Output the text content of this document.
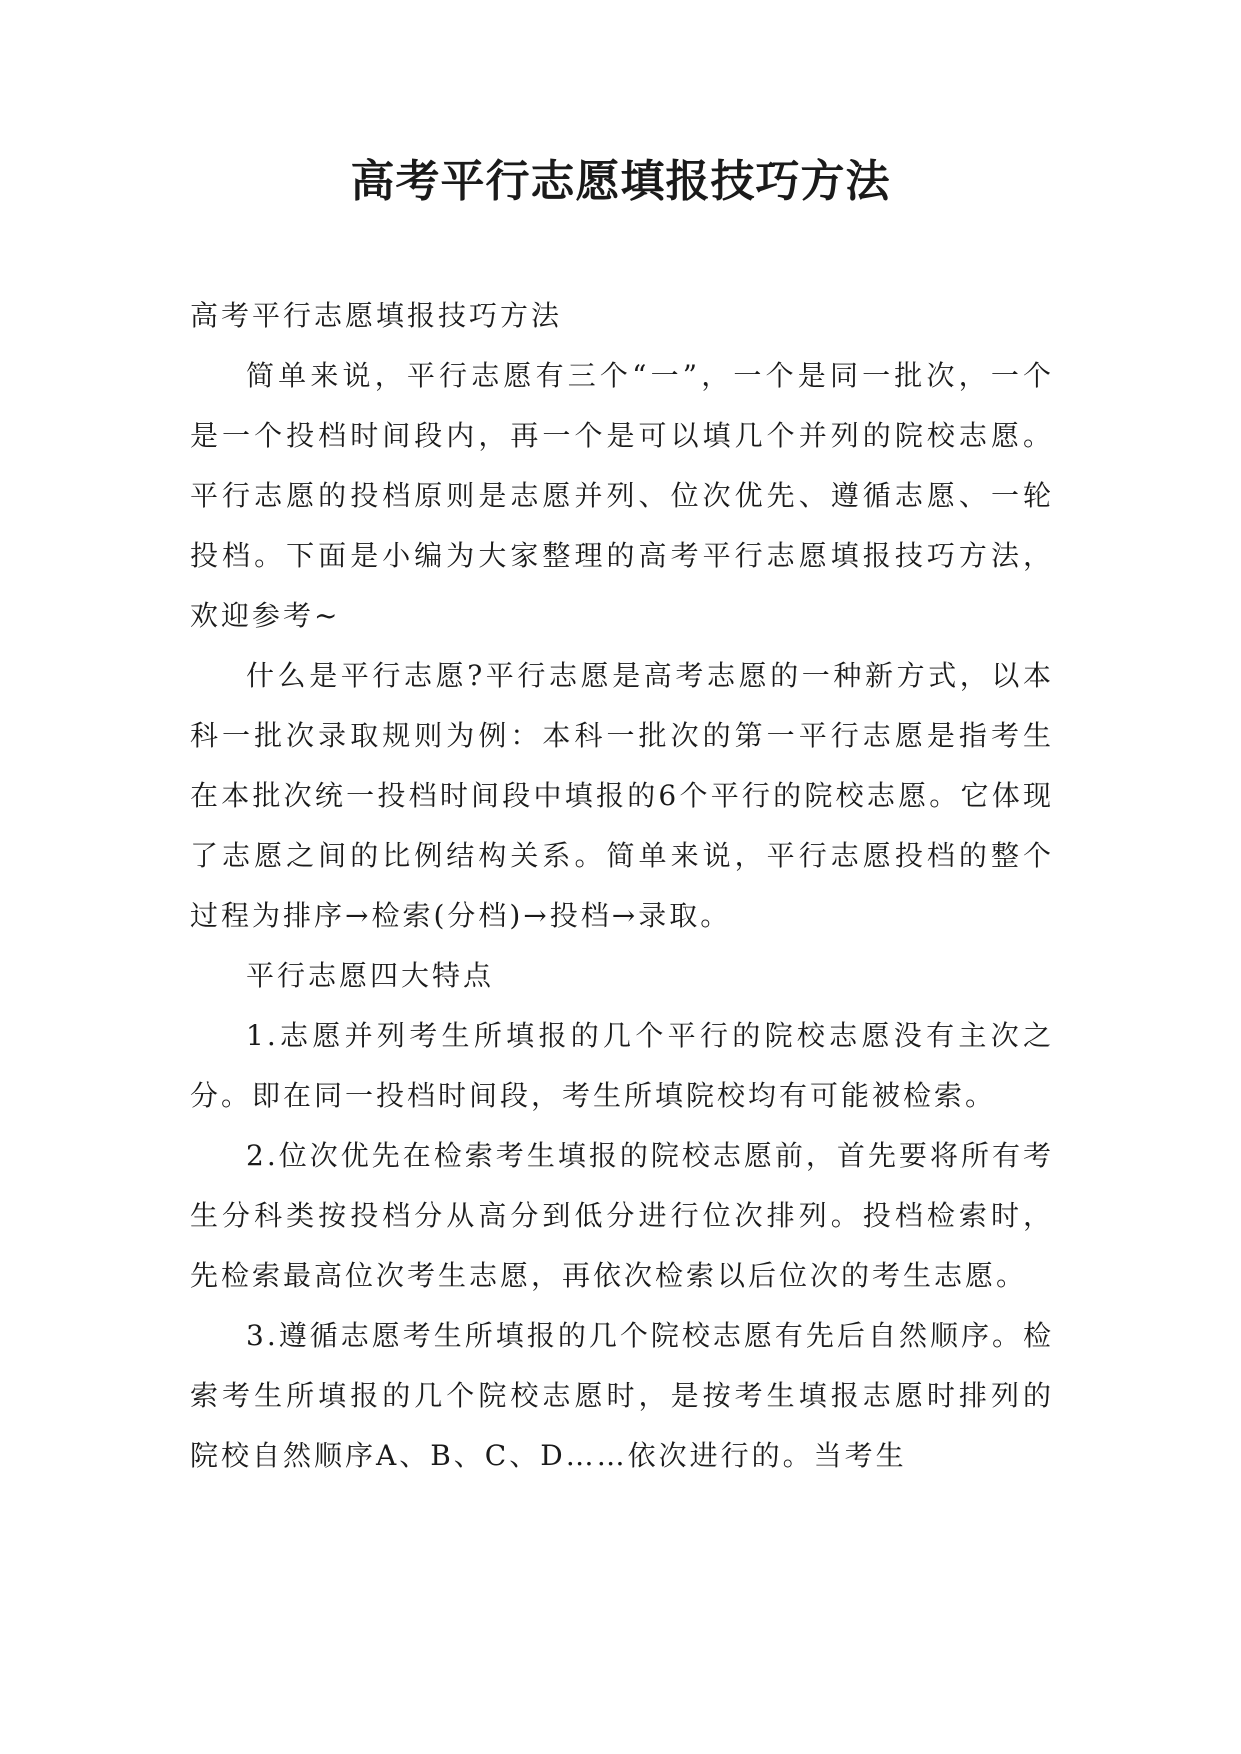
高考平行志愿填报技巧方法

高考平行志愿填报技巧方法

简单来说，平行志愿有三个“一”，一个是同一批次，一个是一个投档时间段内，再一个是可以填几个并列的院校志愿。平行志愿的投档原则是志愿并列、位次优先、遵循志愿、一轮投档。下面是小编为大家整理的高考平行志愿填报技巧方法，欢迎参考~

什么是平行志愿?平行志愿是高考志愿的一种新方式，以本科一批次录取规则为例：本科一批次的第一平行志愿是指考生在本批次统一投档时间段中填报的6个平行的院校志愿。它体现了志愿之间的比例结构关系。简单来说，平行志愿投档的整个过程为排序→检索(分档)→投档→录取。

平行志愿四大特点

1.志愿并列考生所填报的几个平行的院校志愿没有主次之分。即在同一投档时间段，考生所填院校均有可能被检索。

2.位次优先在检索考生填报的院校志愿前，首先要将所有考生分科类按投档分从高分到低分进行位次排列。投档检索时，先检索最高位次考生志愿，再依次检索以后位次的考生志愿。

3.遵循志愿考生所填报的几个院校志愿有先后自然顺序。检索考生所填报的几个院校志愿时，是按考生填报志愿时排列的院校自然顺序A、B、C、D……依次进行的。当考生
